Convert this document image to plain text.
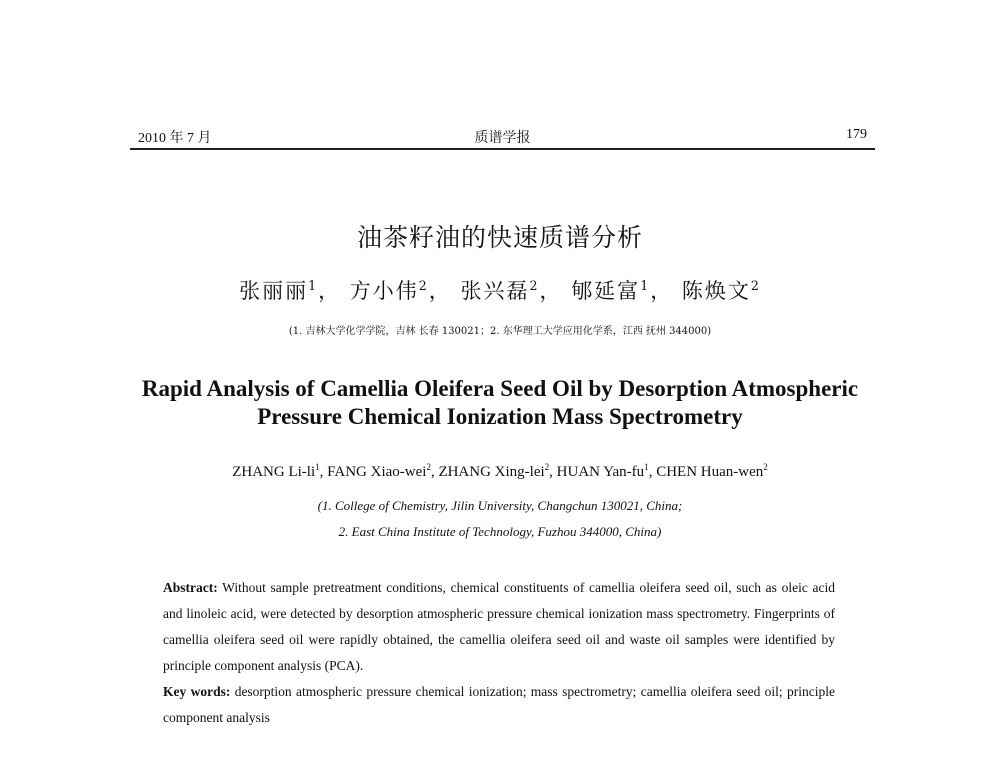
2010 年 7 月	质谱学报	179
油茶籽油的快速质谱分析
张丽丽$^1$， 方小伟$^2$， 张兴磊$^2$， 郇延富$^1$， 陈焕文$^2$
(1. 吉林大学化学学院，吉林 长春 130021；2. 东华理工大学应用化学系，江西 抚州 344000)
Rapid Analysis of Camellia Oleifera Seed Oil by Desorption Atmospheric Pressure Chemical Ionization Mass Spectrometry
ZHANG $Li-li^1$, FANG Xiao-wei$^2$, ZHANG Xing-lei$^2$, HUAN Yan-$fu^1$, CHEN Huan-wen$^2$
(1. College of Chemistry, Jilin University, Changchun 130021, China;
2. East China Institute of Technology, Fuzhou 344000, China)

Abstract: Without sample pretreatment conditions, chemical constituents of camellia oleifera seed oil, such as oleic acid and linoleic acid, were detected by desorption atmospheric pressure chemical ionization mass spectrometry. Fingerprints of camellia oleifera seed oil were rapidly obtained, the camellia oleifera seed oil and waste oil samples were identified by principle component analysis (PCA).

Key words: desorption atmospheric pressure chemical ionization; mass spectrometry; camellia oleifera seed oil; principle component analysis
